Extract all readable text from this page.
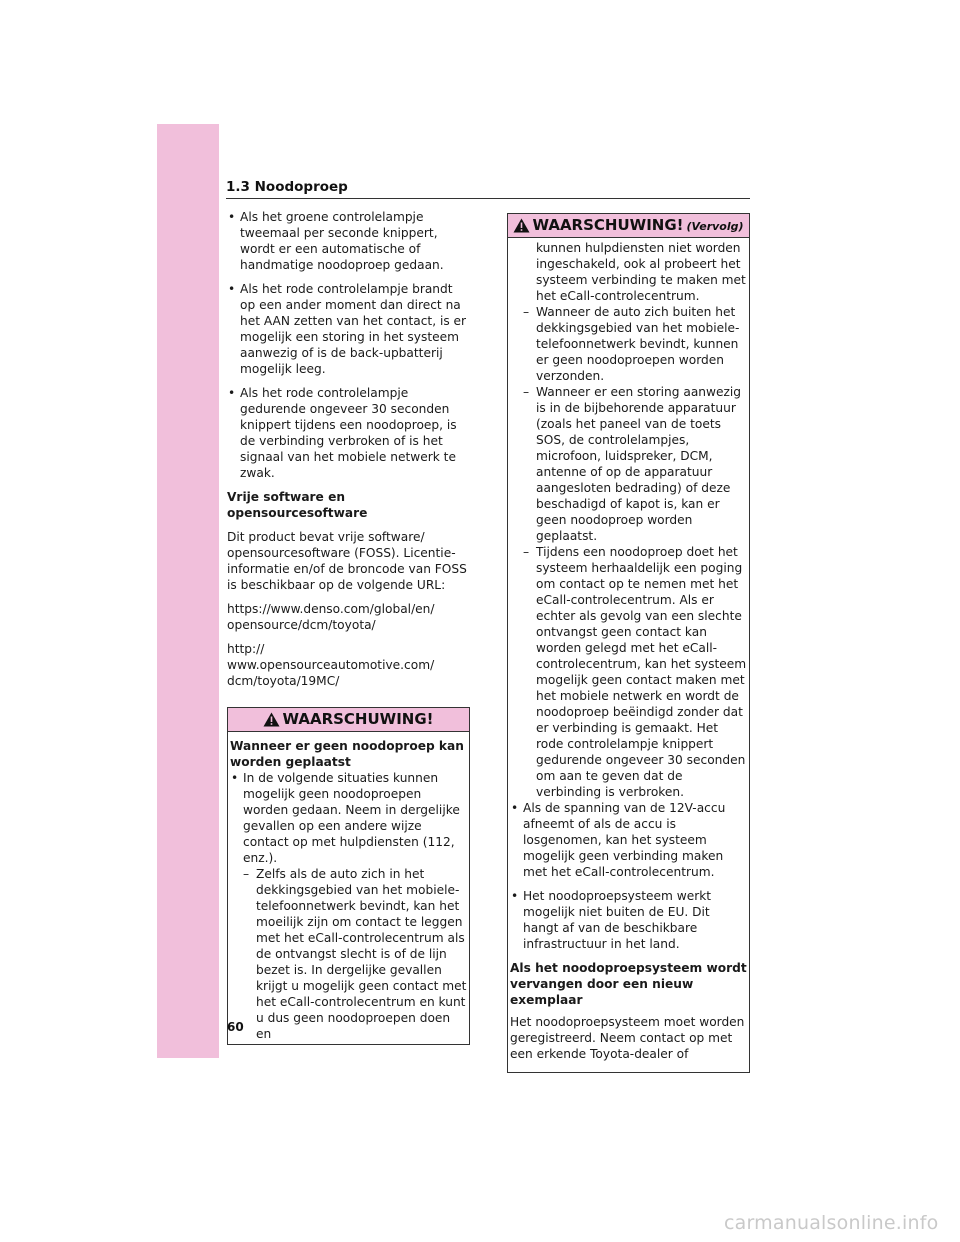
1.3 Noodoproep
• Als het groene controlelampje tweemaal per seconde knippert, wordt er een automatische of handmatige noodoproep gedaan.
• Als het rode controlelampje brandt op een ander moment dan direct na het AAN zetten van het contact, is er mogelijk een storing in het systeem aanwezig of is de back-upbatterij mogelijk leeg.
• Als het rode controlelampje gedurende ongeveer 30 seconden knippert tijdens een noodoproep, is de verbinding verbroken of is het signaal van het mobiele netwerk te zwak.
Vrije software en opensourcesoftware
Dit product bevat vrije software/ opensourcesoftware (FOSS). Licentie-informatie en/of de broncode van FOSS is beschikbaar op de volgende URL:
https://www.denso.com/global/en/
opensource/dcm/toyota/
http://
www.opensourceautomotive.com/
dcm/toyota/19MC/
WAARSCHUWING!
Wanneer er geen noodoproep kan worden geplaatst
• In de volgende situaties kunnen mogelijk geen noodoproepen worden gedaan. Neem in dergelijke gevallen op een andere wijze contact op met hulpdiensten (112, enz.).
– Zelfs als de auto zich in het dekkingsgebied van het mobiele-telefoonnetwerk bevindt, kan het moeilijk zijn om contact te leggen met het eCall-controlecentrum als de ontvangst slecht is of de lijn bezet is. In dergelijke gevallen krijgt u mogelijk geen contact met het eCall-controlecentrum en kunt u dus geen noodoproepen doen en
WAARSCHUWING! (Vervolg)
kunnen hulpdiensten niet worden ingeschakeld, ook al probeert het systeem verbinding te maken met het eCall-controlecentrum.
– Wanneer de auto zich buiten het dekkingsgebied van het mobiele-telefoonnetwerk bevindt, kunnen er geen noodoproepen worden verzonden.
– Wanneer er een storing aanwezig is in de bijbehorende apparatuur (zoals het paneel van de toets SOS, de controlelampjes, microfoon, luidspreker, DCM, antenne of op de apparatuur aangesloten bedrading) of deze beschadigd of kapot is, kan er geen noodoproep worden geplaatst.
– Tijdens een noodoproep doet het systeem herhaaldelijk een poging om contact op te nemen met het eCall-controlecentrum. Als er echter als gevolg van een slechte ontvangst geen contact kan worden gelegd met het eCall-controlecentrum, kan het systeem mogelijk geen contact maken met het mobiele netwerk en wordt de noodoproep beëindigd zonder dat er verbinding is gemaakt. Het rode controlelampje knippert gedurende ongeveer 30 seconden om aan te geven dat de verbinding is verbroken.
• Als de spanning van de 12V-accu afneemt of als de accu is losgenomen, kan het systeem mogelijk geen verbinding maken met het eCall-controlecentrum.
• Het noodoproepsysteem werkt mogelijk niet buiten de EU. Dit hangt af van de beschikbare infrastructuur in het land.
Als het noodoproepsysteem wordt vervangen door een nieuw exemplaar
Het noodoproepsysteem moet worden geregistreerd. Neem contact op met een erkende Toyota-dealer of
60
carmanualsonline.info
